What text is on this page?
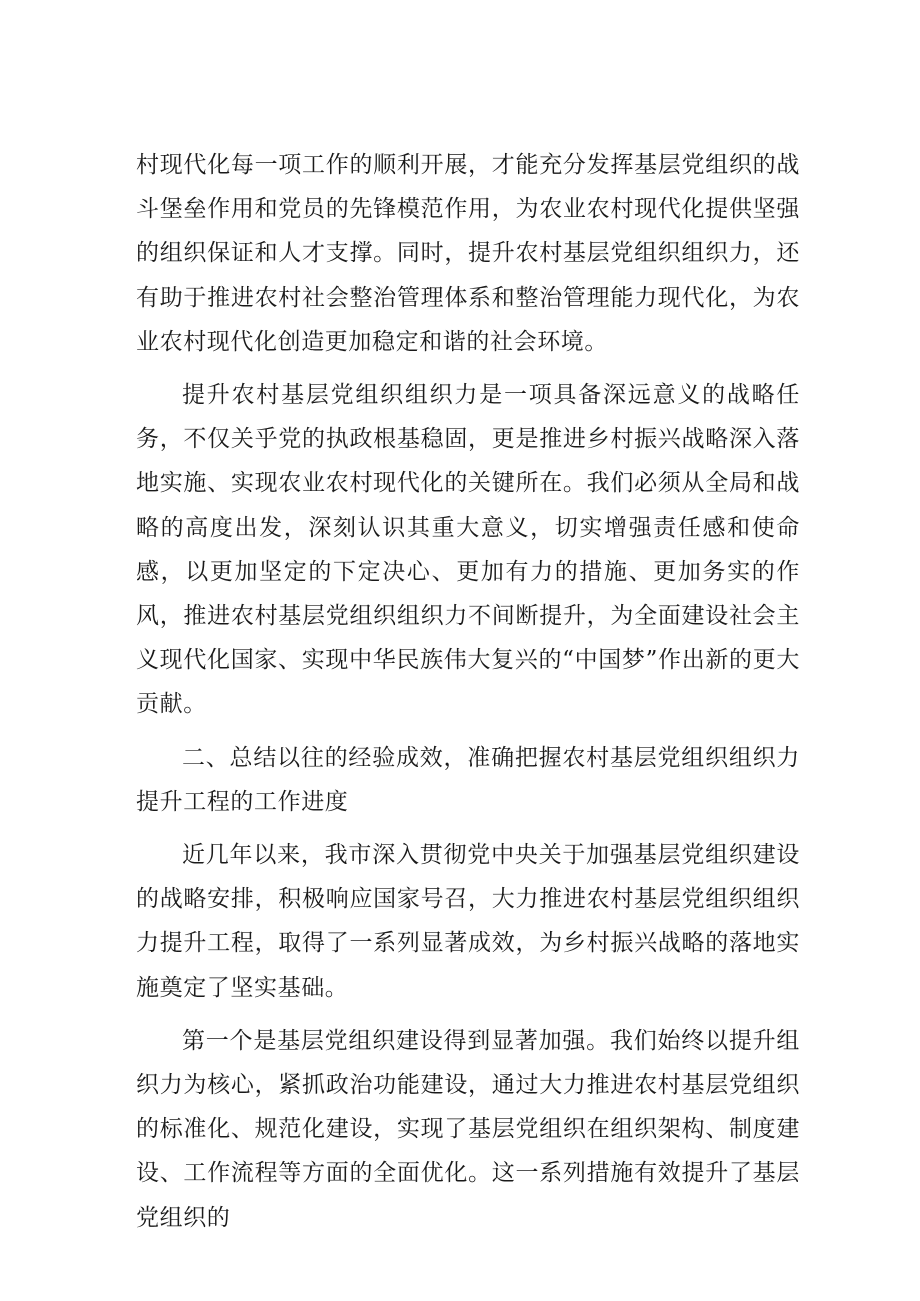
村现代化每一项工作的顺利开展，才能充分发挥基层党组织的战斗堡垒作用和党员的先锋模范作用，为农业农村现代化提供坚强的组织保证和人才支撑。同时，提升农村基层党组织组织力，还有助于推进农村社会整治管理体系和整治管理能力现代化，为农业农村现代化创造更加稳定和谐的社会环境。

提升农村基层党组织组织力是一项具备深远意义的战略任务，不仅关乎党的执政根基稳固，更是推进乡村振兴战略深入落地实施、实现农业农村现代化的关键所在。我们必须从全局和战略的高度出发，深刻认识其重大意义，切实增强责任感和使命感，以更加坚定的下定决心、更加有力的措施、更加务实的作风，推进农村基层党组织组织力不间断提升，为全面建设社会主义现代化国家、实现中华民族伟大复兴的“中国梦”作出新的更大贡献。

二、总结以往的经验成效，准确把握农村基层党组织组织力提升工程的工作进度

近几年以来，我市深入贯彻党中央关于加强基层党组织建设的战略安排，积极响应国家号召，大力推进农村基层党组织组织力提升工程，取得了一系列显著成效，为乡村振兴战略的落地实施奠定了坚实基础。

第一个是基层党组织建设得到显著加强。我们始终以提升组织力为核心，紧抓政治功能建设，通过大力推进农村基层党组织的标准化、规范化建设，实现了基层党组织在组织架构、制度建设、工作流程等方面的全面优化。这一系列措施有效提升了基层党组织的
